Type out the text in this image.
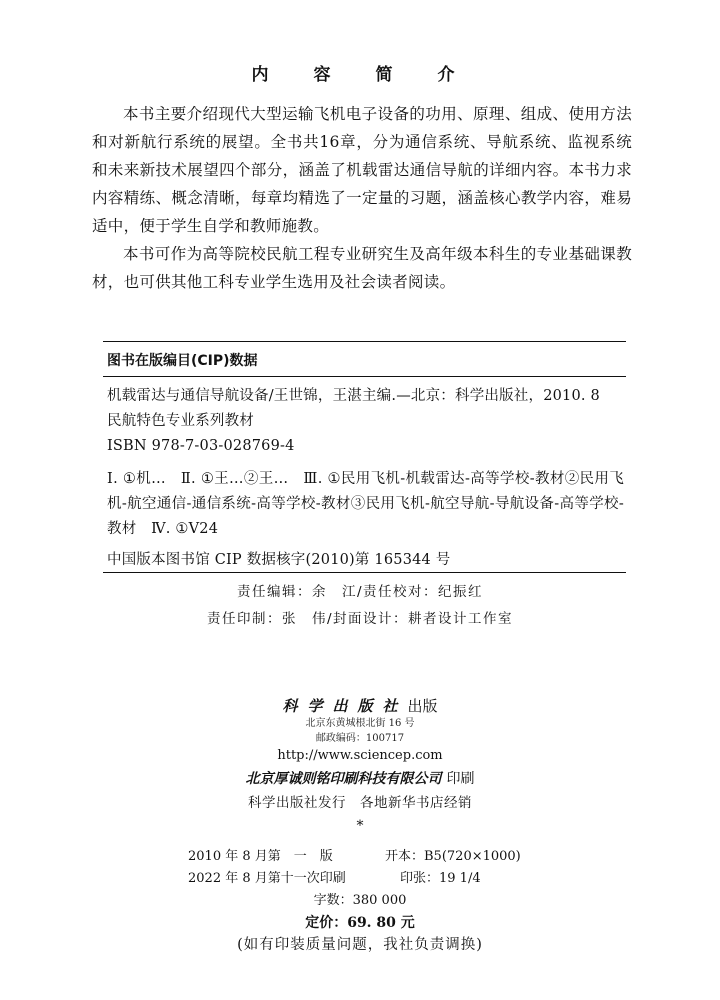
内　容　简　介

本书主要介绍现代大型运输飞机电子设备的功用、原理、组成、使用方法和对新航行系统的展望。全书共16章，分为通信系统、导航系统、监视系统和未来新技术展望四个部分，涵盖了机载雷达通信导航的详细内容。本书力求内容精练、概念清晰，每章均精选了一定量的习题，涵盖核心教学内容，难易适中，便于学生自学和教师施教。

本书可作为高等院校民航工程专业研究生及高年级本科生的专业基础课教材，也可供其他工科专业学生选用及社会读者阅读。

图书在版编目(CIP)数据
机载雷达与通信导航设备/王世锦，王湛主编.—北京：科学出版社，2010. 8
民航特色专业系列教材
ISBN 978-7-03-028769-4
Ⅰ. ①机…　Ⅱ. ①王…②王…　Ⅲ. ①民用飞机-机载雷达-高等学校-教材②民用飞机-航空通信-通信系统-高等学校-教材③民用飞机-航空导航-导航设备-高等学校-教材　Ⅳ. ①V24
中国版本图书馆 CIP 数据核字(2010)第 165344 号
责任编辑：余　江/责任校对：纪振红
责任印制：张　伟/封面设计：耕者设计工作室
科学出版社出版
北京东黄城根北街 16 号
邮政编码：100717
http://www.sciencep.com
北京厚诚则铭印刷科技有限公司 印刷
科学出版社发行　各地新华书店经销
*
2010 年 8 月第　一　版	开本：B5(720×1000)
2022 年 8 月第十一次印刷	印张：19 1/4
字数：380 000
定价：69. 80 元
(如有印装质量问题，我社负责调换)
